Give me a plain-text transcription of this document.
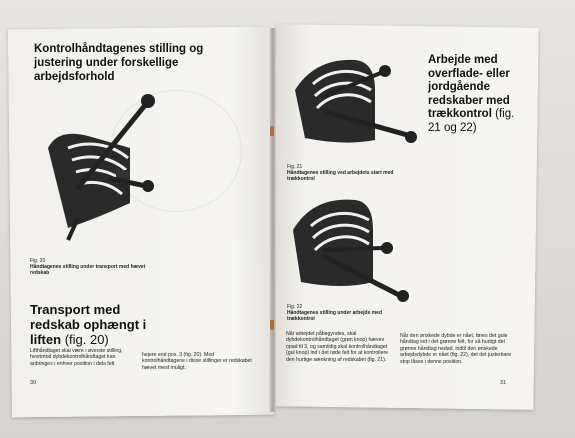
Kontrolhåndtagenes stilling og justering under forskellige arbejdsforhold
Fig. 20
Håndtagenes stilling under transport med hævet redskab
Transport med redskab ophængt i liften (fig. 20)
Lifthåndtaget skal være i øverste stilling, hvorimod dybdekontrolhåndtaget kan anbringes i enhver position i dets felt
hejere end pos. 3 (fig. 20). Med kontrolhåndtagene i disse stillinger er redskabet hævet mest muligt.
30
Fig. 21
Håndtagenes stilling ved arbejdets start med trækkontrol
Arbejde med overflade- eller jordgående redskaber med trækkontrol (fig. 21 og 22)
Fig. 22
Håndtagenes stilling under arbejde med trækkontrol
Når arbejdet påbegyndes, skal dybdekontrolhåndtaget (grøn knop) hæves opad til 3, og samtidig skal kontrolhåndtaget (gul knop) ind i det røde felt for at kontrollere den hurtige sænkning af redskabet (fig. 21).
Når den ønskede dybde er nået, føres det gule håndtag ind i det grønne felt, for så hurtigt det grønne håndtag nedad, indtil den ønskede arbejdsdybde er nået (fig. 22), det det justerbare stop låses i denne position.
31
